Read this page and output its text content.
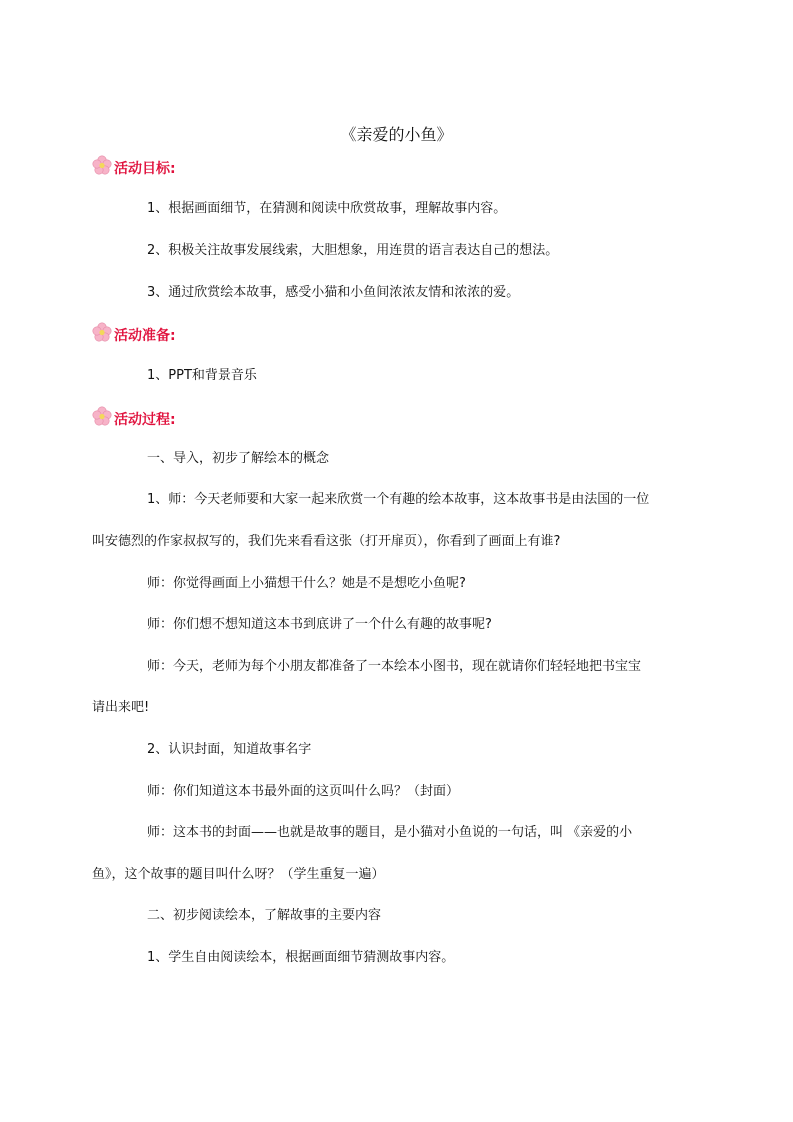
《亲爱的小鱼》
活动目标:
1、根据画面细节，在猜测和阅读中欣赏故事，理解故事内容。
2、积极关注故事发展线索，大胆想象，用连贯的语言表达自己的想法。
3、通过欣赏绘本故事，感受小猫和小鱼间浓浓友情和浓浓的爱。
活动准备:
1、PPT和背景音乐
活动过程:
一、导入，初步了解绘本的概念
1、师：今天老师要和大家一起来欣赏一个有趣的绘本故事，这本故事书是由法国的一位
叫安德烈的作家叔叔写的，我们先来看看这张（打开扉页），你看到了画面上有谁?
师：你觉得画面上小猫想干什么？她是不是想吃小鱼呢?
师：你们想不想知道这本书到底讲了一个什么有趣的故事呢?
师：今天，老师为每个小朋友都准备了一本绘本小图书，现在就请你们轻轻地把书宝宝
请出来吧!
2、认识封面，知道故事名字
师：你们知道这本书最外面的这页叫什么吗？（封面）
师：这本书的封面——也就是故事的题目，是小猫对小鱼说的一句话，叫 《亲爱的小
鱼》，这个故事的题目叫什么呀？（学生重复一遍）
二、初步阅读绘本，了解故事的主要内容
1、学生自由阅读绘本，根据画面细节猜测故事内容。
